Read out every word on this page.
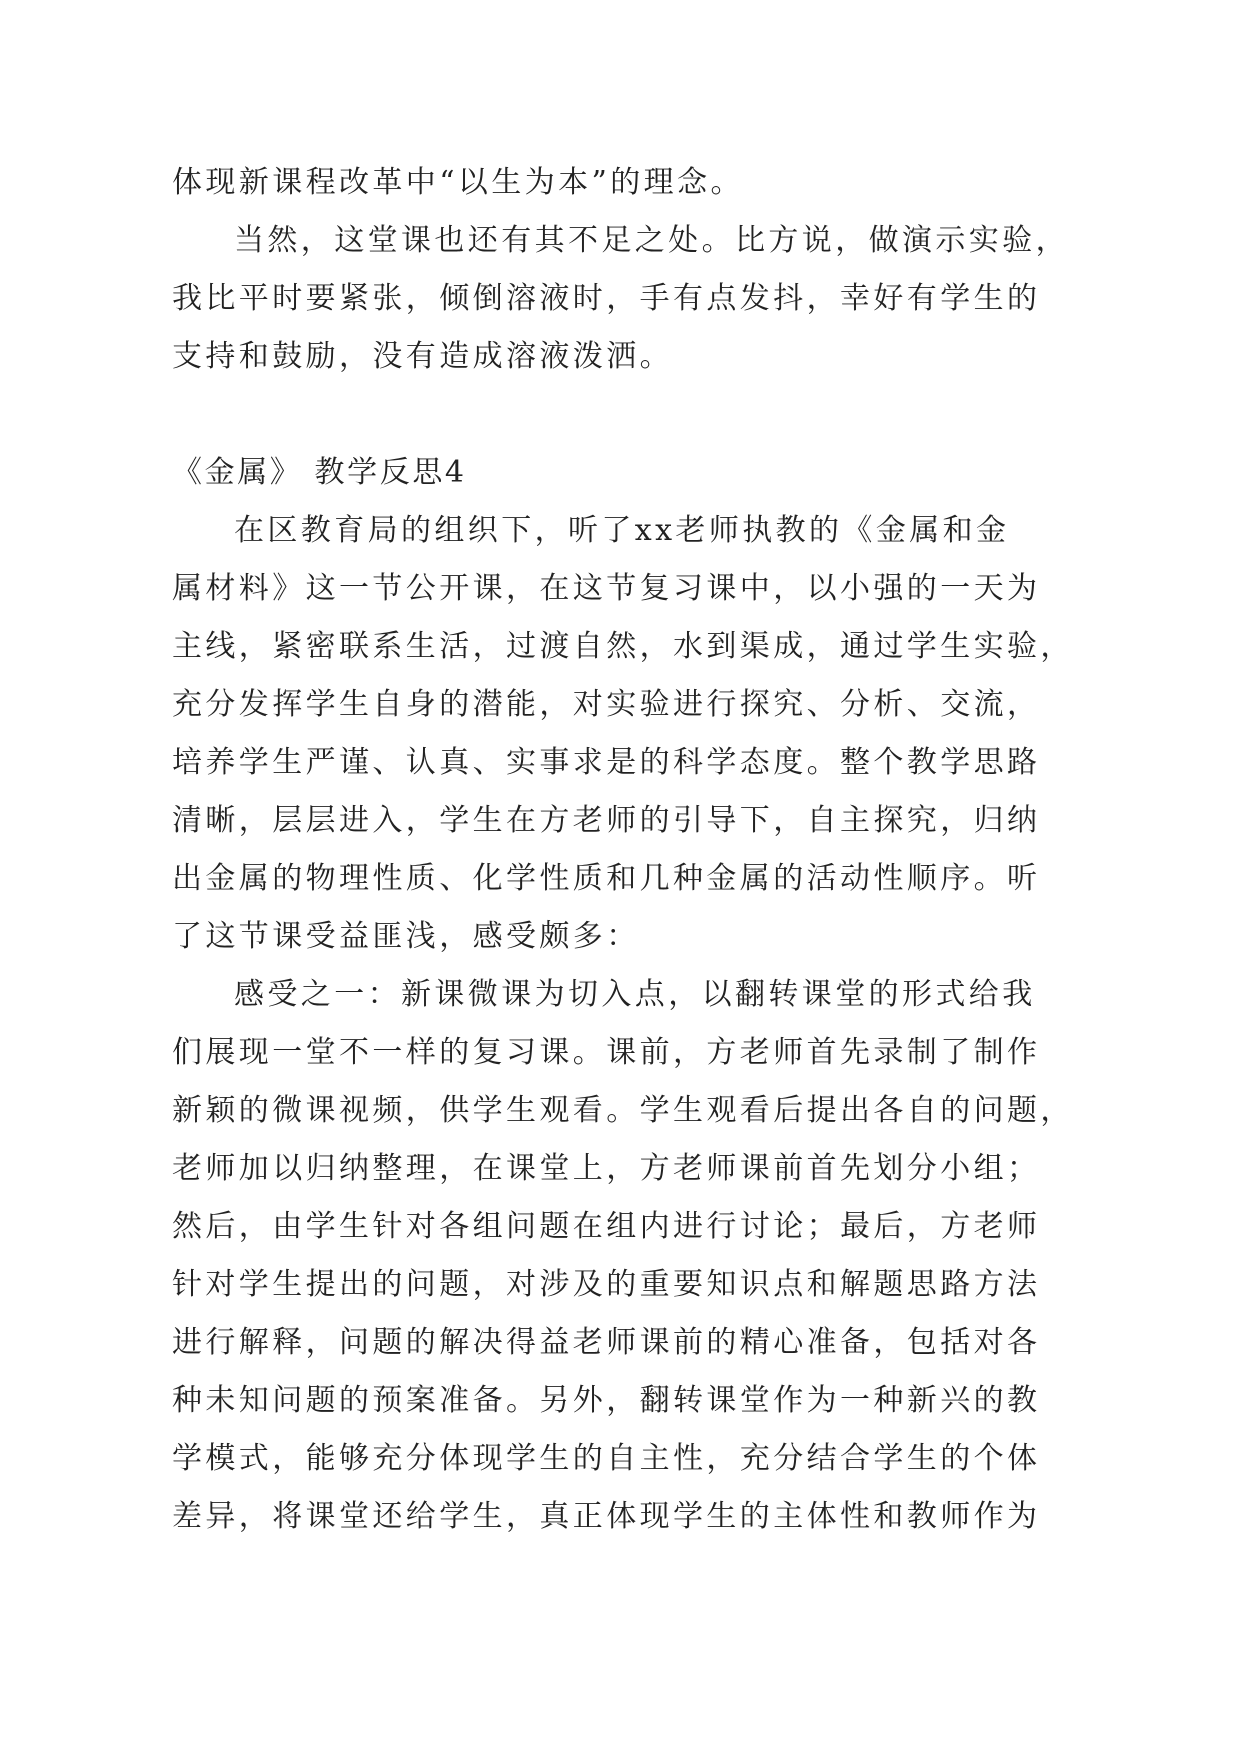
体现新课程改革中“以生为本”的理念。
当然，这堂课也还有其不足之处。比方说，做演示实验，
我比平时要紧张，倾倒溶液时，手有点发抖，幸好有学生的
支持和鼓励，没有造成溶液泼洒。
《金属》 教学反思4
在区教育局的组织下，听了xx老师执教的《金属和金
属材料》这一节公开课，在这节复习课中，以小强的一天为
主线，紧密联系生活，过渡自然，水到渠成，通过学生实验，
充分发挥学生自身的潜能，对实验进行探究、分析、交流，
培养学生严谨、认真、实事求是的科学态度。整个教学思路
清晰，层层进入，学生在方老师的引导下，自主探究，归纳
出金属的物理性质、化学性质和几种金属的活动性顺序。听
了这节课受益匪浅，感受颇多：
感受之一：新课微课为切入点，以翻转课堂的形式给我
们展现一堂不一样的复习课。课前，方老师首先录制了制作
新颖的微课视频，供学生观看。学生观看后提出各自的问题，
老师加以归纳整理，在课堂上，方老师课前首先划分小组；
然后，由学生针对各组问题在组内进行讨论；最后，方老师
针对学生提出的问题，对涉及的重要知识点和解题思路方法
进行解释，问题的解决得益老师课前的精心准备，包括对各
种未知问题的预案准备。另外，翻转课堂作为一种新兴的教
学模式，能够充分体现学生的自主性，充分结合学生的个体
差异，将课堂还给学生，真正体现学生的主体性和教师作为
